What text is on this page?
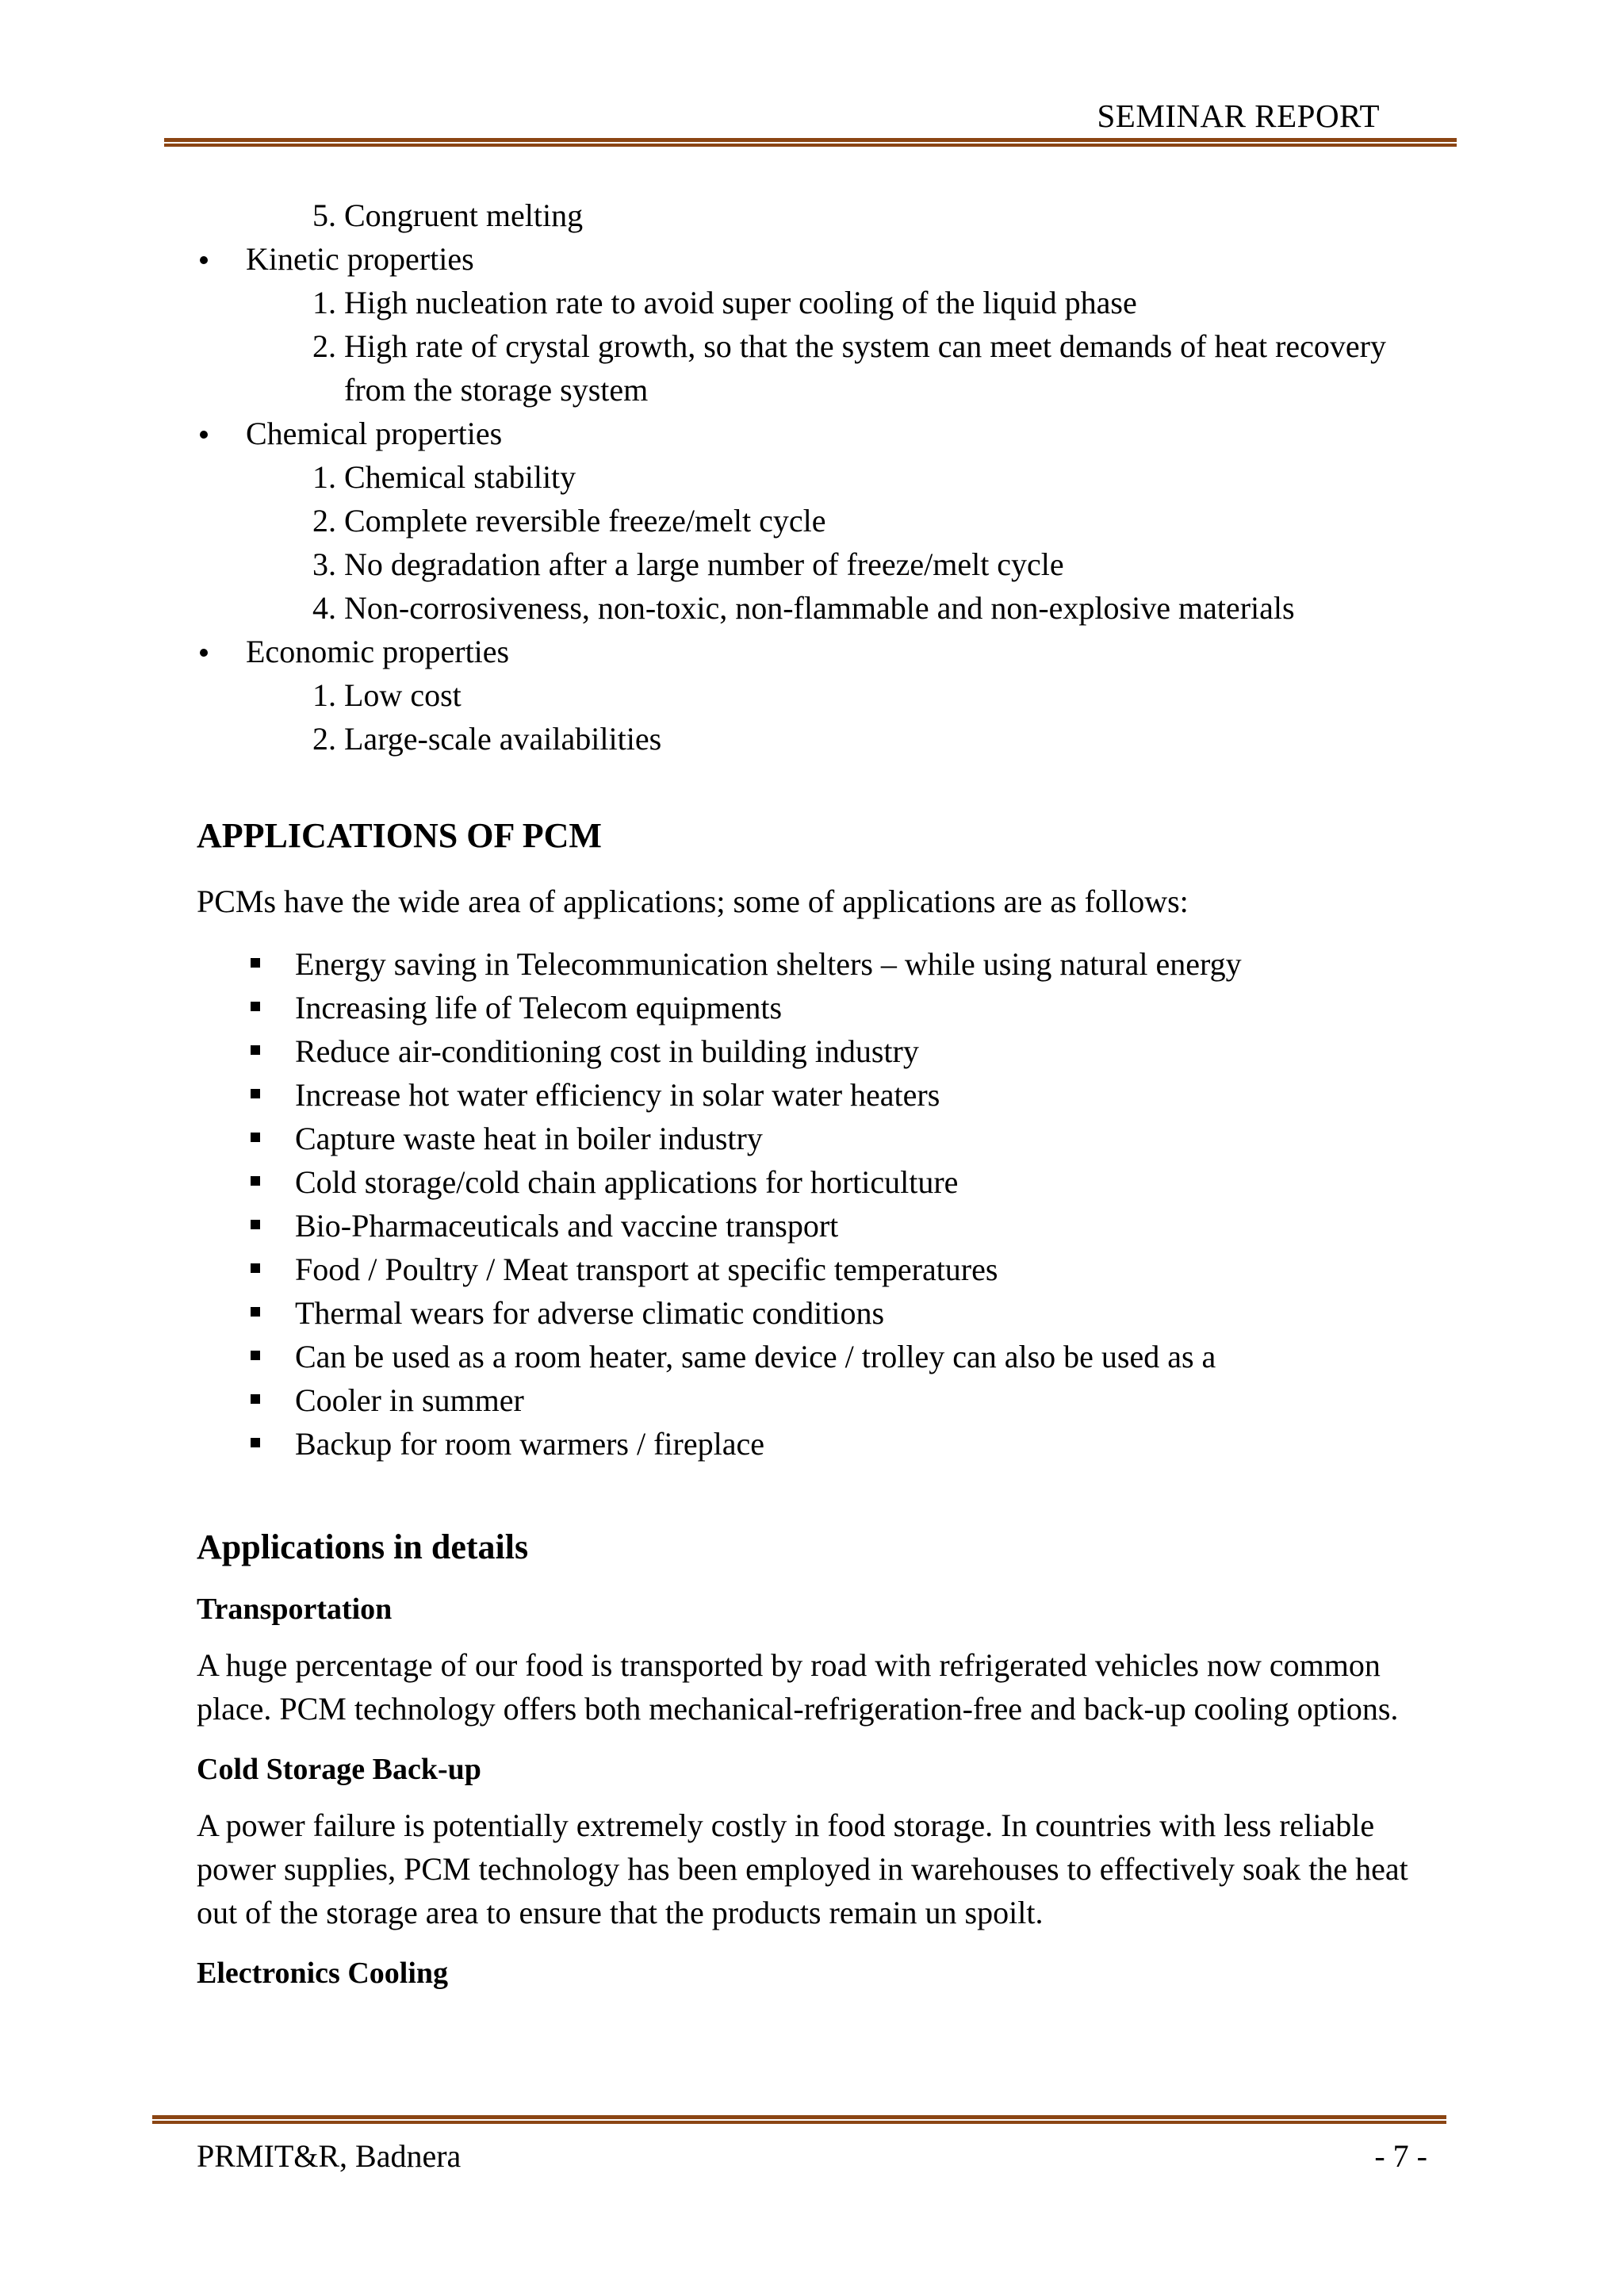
SEMINAR REPORT
5. Congruent melting
Kinetic properties
1. High nucleation rate to avoid super cooling of the liquid phase
2. High rate of crystal growth, so that the system can meet demands of heat recovery from the storage system
Chemical properties
1. Chemical stability
2. Complete reversible freeze/melt cycle
3. No degradation after a large number of freeze/melt cycle
4. Non-corrosiveness, non-toxic, non-flammable and non-explosive materials
Economic properties
1. Low cost
2. Large-scale availabilities
APPLICATIONS OF PCM

PCMs have the wide area of applications; some of applications are as follows:

Energy saving in Telecommunication shelters – while using natural energy
Increasing life of Telecom equipments
Reduce air-conditioning cost in building industry
Increase hot water efficiency in solar water heaters
Capture waste heat in boiler industry
Cold storage/cold chain applications for horticulture
Bio-Pharmaceuticals and vaccine transport
Food / Poultry / Meat transport at specific temperatures
Thermal wears for adverse climatic conditions
Can be used as a room heater, same device / trolley can also be used as a
Cooler in summer
Backup for room warmers / fireplace
Applications in details
Transportation

A huge percentage of our food is transported by road with refrigerated vehicles now common place. PCM technology offers both mechanical-refrigeration-free and back-up cooling options.

Cold Storage Back-up

A power failure is potentially extremely costly in food storage. In countries with less reliable power supplies, PCM technology has been employed in warehouses to effectively soak the heat out of the storage area to ensure that the products remain un spoilt.

Electronics Cooling
PRMIT&R, Badnera	- 7 -
